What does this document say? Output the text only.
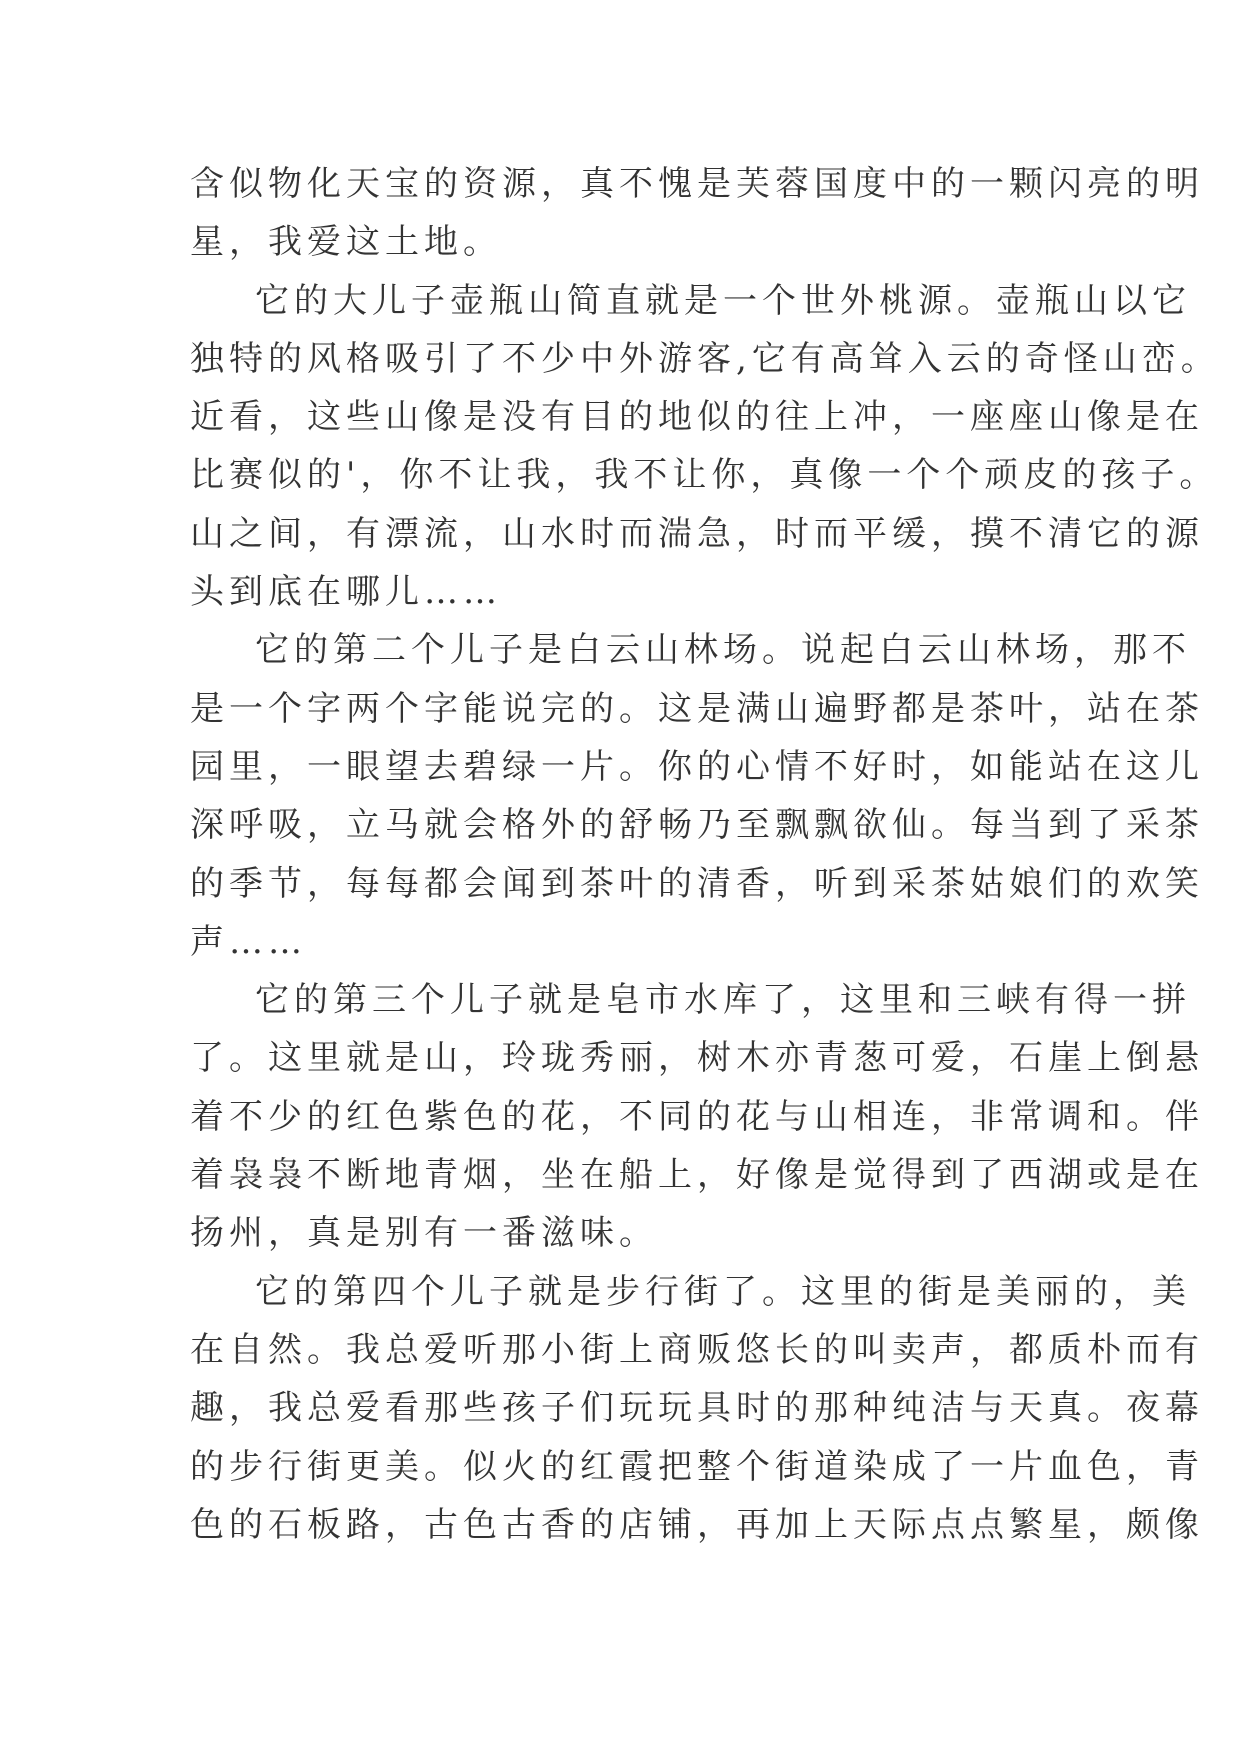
含似物化天宝的资源，真不愧是芙蓉国度中的一颗闪亮的明
星，我爱这土地。
它的大儿子壶瓶山简直就是一个世外桃源。壶瓶山以它
独特的风格吸引了不少中外游客,它有高耸入云的奇怪山峦。
近看，这些山像是没有目的地似的往上冲，一座座山像是在
比赛似的'，你不让我，我不让你，真像一个个顽皮的孩子。
山之间，有漂流，山水时而湍急，时而平缓，摸不清它的源
头到底在哪儿……
它的第二个儿子是白云山林场。说起白云山林场，那不
是一个字两个字能说完的。这是满山遍野都是茶叶，站在茶
园里，一眼望去碧绿一片。你的心情不好时，如能站在这儿
深呼吸，立马就会格外的舒畅乃至飘飘欲仙。每当到了采茶
的季节，每每都会闻到茶叶的清香，听到采茶姑娘们的欢笑
声……
它的第三个儿子就是皂市水库了，这里和三峡有得一拼
了。这里就是山，玲珑秀丽，树木亦青葱可爱，石崖上倒悬
着不少的红色紫色的花，不同的花与山相连，非常调和。伴
着袅袅不断地青烟，坐在船上，好像是觉得到了西湖或是在
扬州，真是别有一番滋味。
它的第四个儿子就是步行街了。这里的街是美丽的，美
在自然。我总爱听那小街上商贩悠长的叫卖声，都质朴而有
趣，我总爱看那些孩子们玩玩具时的那种纯洁与天真。夜幕
的步行街更美。似火的红霞把整个街道染成了一片血色，青
色的石板路，古色古香的店铺，再加上天际点点繁星，颇像
